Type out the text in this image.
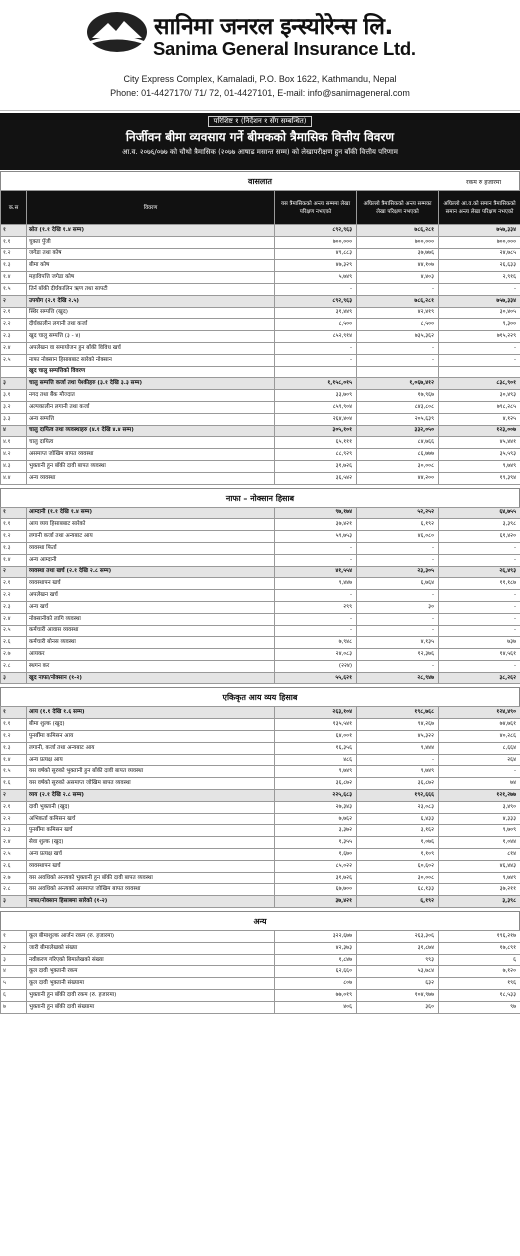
सानिमा जनरल इन्स्योरेन्स लि.
Sanima General Insurance Ltd.
City Express Complex, Kamaladi, P.O. Box 1622, Kathmandu, Nepal
Phone: 01-4427170/ 71/ 72, 01-4427101, E-mail: info@sanimageneral.com
परिशिष्ट १ (निर्देशन १ सँग सम्बन्धित)
निर्जीवन बीमा व्यवसाय गर्ने बीमकको त्रैमासिक वित्तीय विवरण
आ.व. २०७६/०७७ को चौथो त्रैमासिक (२०७७ आषाढ मसान्त सम्म) को लेखापरीक्षण हुन बाँकी वित्तीय परिणाम
वासलात	रकम रु हजारमा
क.स	विवरण	यस त्रैमासिकको अन्त्य सम्ममा लेखा परिक्षण नभएको	अघिल्लो त्रैमासिकको अन्त्य सम्मका लेखा परिक्षण नभएको	अघिल्लो आ.व.को समान त्रैमासिकको समान अन्त्य लेखा परिक्षण नभएको
१	स्रोत (१.१ देखि १.४ सम्म)	८९२,९६३	७८६,२८१	७५७,३३४
१.१	चुक्ता पुँजी	७००,०००	७००,०००	७००,०००
१.२	जगेडा तथा कोष	४९,८८३	३७,७७६	२४,७८५
१.३	बीमा कोष	४७,३२९	४४,१०७	२६,६३३
१.४	महाविपत्ति जगेडा कोष	५,७४९	४,४०३	२,९१६
१.५	तिर्न बाँकी दीर्घकालिन ऋण तथा सापटी	-	-	-
२	उपयोग (२.१ देखि २.५)	८९२,९६३	७८६,२८१	७५७,३३४
२.१	स्थिर सम्पत्ति (खुद)	३१,४४९	४२,४१९	३०,४०५
२.२	दीर्घकालीन लगानी तथा कर्जा	८,५००	८,५००	९,३००
२.३	खुद चालु सम्पत्ति (३ - ४)	८५२,९१४	७३५,३६२	७१५,२२९
२.४	अपलेखन वा समायोजन हुन बाँकी विविध खर्च	-	-	-
२.५	नाफा नोक्सान हिसाबबाट सारेको नोक्सान	-	-	-
	खुद चालु सम्पत्तिको विवरण			
३	चालु सम्पत्ति कर्जा तथा पेश्कीहरु (३.१ देखि ३.३ सम्म)	१,१५८,०१५	१,०६७,४१२	८३८,९०१
३.१	नगद तथा बैंक मौज्दात	३३,७०९	१७,९६७	३०,४९३
३.२	अल्पकालीन लगानी तथा कर्जा	८५९,९०४	८४३,८०८	७९८,२८५
३.३	अन्य सम्पत्ति	२६४,४०४	२०५,६३९	४,१२५
४	चालु दायित्व तथा व्यवस्थाहरु (४.१ देखि ४.४ सम्म)	३०५,१०१	३३२,०५०	१२३,००७
४.१	चालु दायित्व	६५,१११	८४,७६६	४५,४४१
४.२	असमाप्त जोखिम बापत व्यवस्था	८८,९२९	८६,७७७	३५,५९३
४.३	भुक्तानी हुन बाँकी दावी बापत व्यवस्था	३१,७२६	३०,००८	९,७४९
४.४	अन्य व्यवस्था	३६,५४२	४४,२००	१९,३९४
नाफा – नोक्सान हिसाब
१	आम्दानी (१.१ देखि १.४ सम्म)	९७,१७४	५२,२५२	६४,७५५
१.१	आय व्यय हिसाबबाट सारेको	३७,४२१	६,१९२	३,३९८
१.२	लगानी कर्जा तथा अन्यबाट आय	५९,७५३	४६,०८०	६१,४२०
१.३	व्यवस्था फिर्ता	-	-	-
१.४	अन्य आम्दानी	-	-	-
२	व्यवस्था तथा खर्च (२.१ देखि २.८ सम्म)	४१,५५४	२३,३०५	२६,४९३
२.१	व्यवस्थापन खर्च	९,४४७	६,७६४	११,१८७
२.२	अपलेखन खर्च	-	-	-
२.३	अन्य खर्च	२९९	३०	-
२.४	नोक्सानीको लागि व्यवस्था	-	-	-
२.५	कर्मचारी आवास व्यवस्था	-	-	-
२.६	कर्मचारी बोनस व्यवस्था	७,९४८	४,१३५	७३७
२.७	आयकर	२४,०८३	१२,३७६	१४,५६१
२.८	स्थगन कर	(२२४)	-	-
३	खुद नाफा/नोक्सान (१-२)	५५,६२१	२८,९४७	३८,२६२
एकिकृत आय व्यय हिसाब
१	आय (१.१ देखि १.६ सम्म)	२६३,१०४	१९८,७६८	१२४,४९०
१.१	बीमा शुल्क (खुद)	१३५,५४१	९४,२६७	७४,७६१
१.२	पुनर्बीमा कमिसन आय	६४,००१	४५,३२२	४०,२८६
१.३	लगानी, कर्जा तथा अन्यबाट आय	१६,३५६	९,४४४	८,६६४
१.४	अन्य प्रत्यक्ष आय	४८६	-	२६४
१.५	यस वर्षको सुरुको भुक्तानी हुन बाँकी दावी बापत व्यवस्था	९,७४९	९,७४९	-
१.६	यस वर्षको सुरुको असमाप्त जोखिम बापत व्यवस्था	३६,८७२	३६,८७२	७४
२	व्यय (२.१ देखि २.८ सम्म)	२२५,६८३	१९२,६६६	१२१,२७७
२.१	दावी भुक्तानी (खुद)	२७,३४३	२३,०८३	३,४९०
२.२	अभिकर्ता कमिसन खर्च	७,७६२	६,४३३	४,३३३
२.३	पुनर्बीमा कमिसन खर्च	३,३७२	३,१६२	९,७०९
२.४	सेवा शुल्क (खुद)	१,३५५	१,०७६	१,०४४
२.५	अन्य प्रत्यक्ष खर्च	१,६७०	१,१०९	८१४
२.६	व्यवस्थापन खर्च	८५,०२२	६०,६०२	४६,४४३
२.७	यस अवधिको अन्त्यको भुक्तानी हुन बाँकी दावी बापत व्यवस्था	३१,७२६	३०,००८	९,७४९
२.८	यस अवधिको अन्त्यको असमाप्त जोखिम बापत व्यवस्था	६७,७००	६८,१३३	३७,२११
३	नाफा/नोक्सान हिसाबमा सारेको (१-२)	३७,४२१	६,१९२	३,३९८
अन्य
१	कूल बीमाशुल्क आर्जन रकम (रु. हजारमा)	३२२,६७७	२६३,३०६	१९६,२१७
२	जारी बीमालेखको संख्या	४२,३७३	३१,८७४	१७,८९१
३	नवीकरण गरिएको बिमालेखको संख्या	१,८४७	९९३	६
४	कूल दावी भुक्तानी रकम	६२,६६०	५३,७८४	७,१२०
५	कूल दावी भुक्तानी संख्यामा	८०७	६३२	१९६
६	भुक्तानी हुन बाँकी दावी रकम (रु. हजारमा)	७७,०१९	१०४,९७७	१८,५३३
७	भुक्तानी हुन बाँकी दावी संख्यामा	४०६	३६०	९७
